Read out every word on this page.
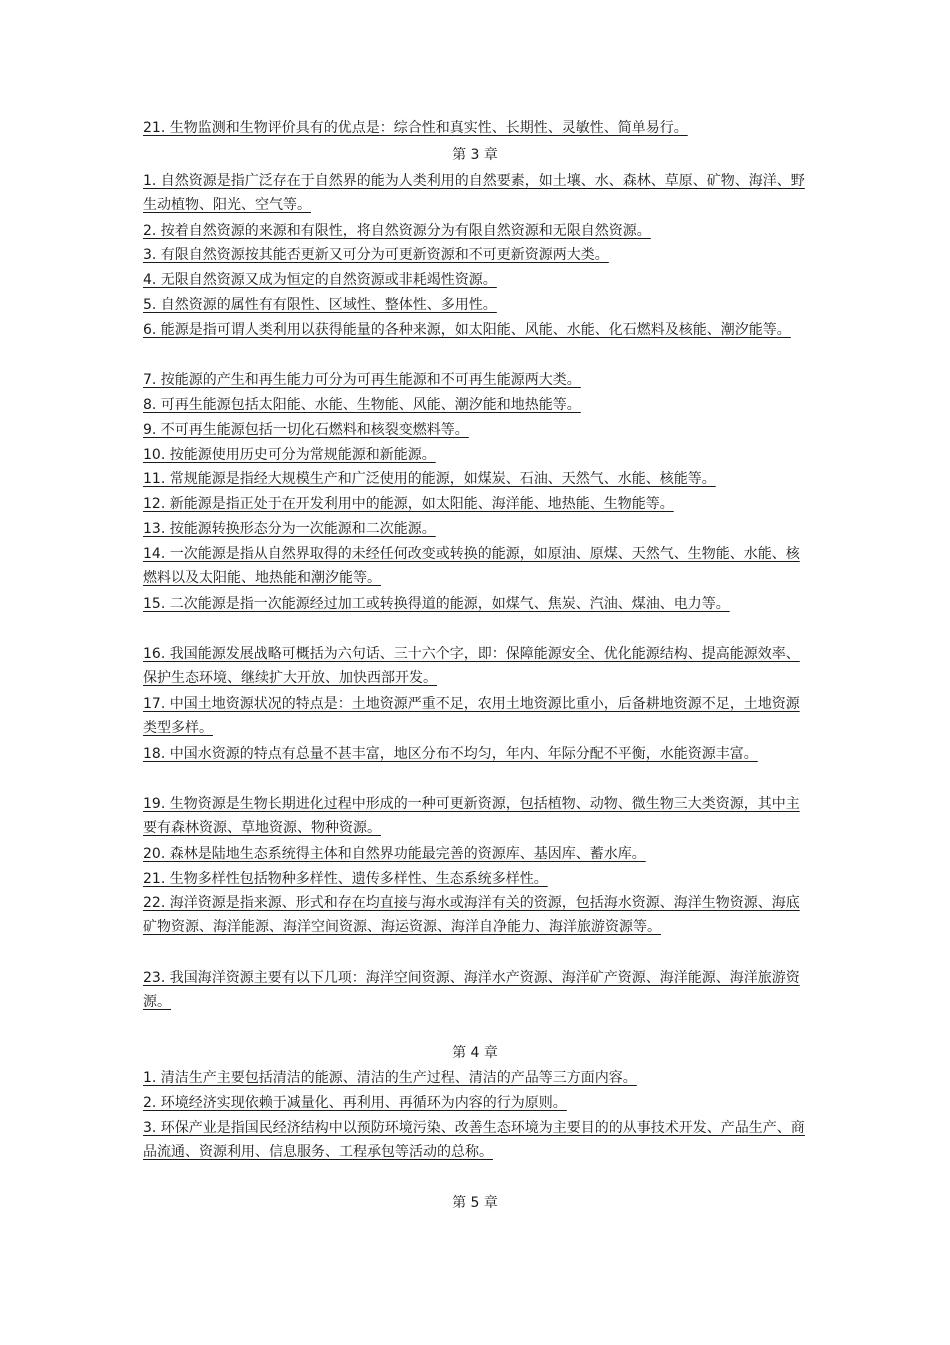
21. 生物监测和生物评价具有的优点是：综合性和真实性、长期性、灵敏性、简单易行。
第 3 章
1. 自然资源是指广泛存在于自然界的能为人类利用的自然要素，如土壤、水、森林、草原、矿物、海洋、野生动植物、阳光、空气等。
2. 按着自然资源的来源和有限性，将自然资源分为有限自然资源和无限自然资源。
3. 有限自然资源按其能否更新又可分为可更新资源和不可更新资源两大类。
4. 无限自然资源又成为恒定的自然资源或非耗竭性资源。
5. 自然资源的属性有有限性、区域性、整体性、多用性。
6. 能源是指可谓人类利用以获得能量的各种来源，如太阳能、风能、水能、化石燃料及核能、潮汐能等。
7. 按能源的产生和再生能力可分为可再生能源和不可再生能源两大类。
8. 可再生能源包括太阳能、水能、生物能、风能、潮汐能和地热能等。
9. 不可再生能源包括一切化石燃料和核裂变燃料等。
10. 按能源使用历史可分为常规能源和新能源。
11. 常规能源是指经大规模生产和广泛使用的能源，如煤炭、石油、天然气、水能、核能等。
12. 新能源是指正处于在开发利用中的能源，如太阳能、海洋能、地热能、生物能等。
13. 按能源转换形态分为一次能源和二次能源。
14. 一次能源是指从自然界取得的未经任何改变或转换的能源，如原油、原煤、天然气、生物能、水能、核燃料以及太阳能、地热能和潮汐能等。
15. 二次能源是指一次能源经过加工或转换得道的能源，如煤气、焦炭、汽油、煤油、电力等。
16. 我国能源发展战略可概括为六句话、三十六个字，即：保障能源安全、优化能源结构、提高能源效率、保护生态环境、继续扩大开放、加快西部开发。
17. 中国土地资源状况的特点是：土地资源严重不足，农用土地资源比重小，后备耕地资源不足，土地资源类型多样。
18. 中国水资源的特点有总量不甚丰富，地区分布不均匀，年内、年际分配不平衡，水能资源丰富。
19. 生物资源是生物长期进化过程中形成的一种可更新资源，包括植物、动物、微生物三大类资源，其中主要有森林资源、草地资源、物种资源。
20. 森林是陆地生态系统得主体和自然界功能最完善的资源库、基因库、蓄水库。
21. 生物多样性包括物种多样性、遗传多样性、生态系统多样性。
22. 海洋资源是指来源、形式和存在均直接与海水或海洋有关的资源，包括海水资源、海洋生物资源、海底矿物资源、海洋能源、海洋空间资源、海运资源、海洋自净能力、海洋旅游资源等。
23. 我国海洋资源主要有以下几项：海洋空间资源、海洋水产资源、海洋矿产资源、海洋能源、海洋旅游资源。
第 4 章
1. 清洁生产主要包括清洁的能源、清洁的生产过程、清洁的产品等三方面内容。
2. 环境经济实现依赖于减量化、再利用、再循环为内容的行为原则。
3. 环保产业是指国民经济结构中以预防环境污染、改善生态环境为主要目的的从事技术开发、产品生产、商品流通、资源利用、信息服务、工程承包等活动的总称。
第 5 章
